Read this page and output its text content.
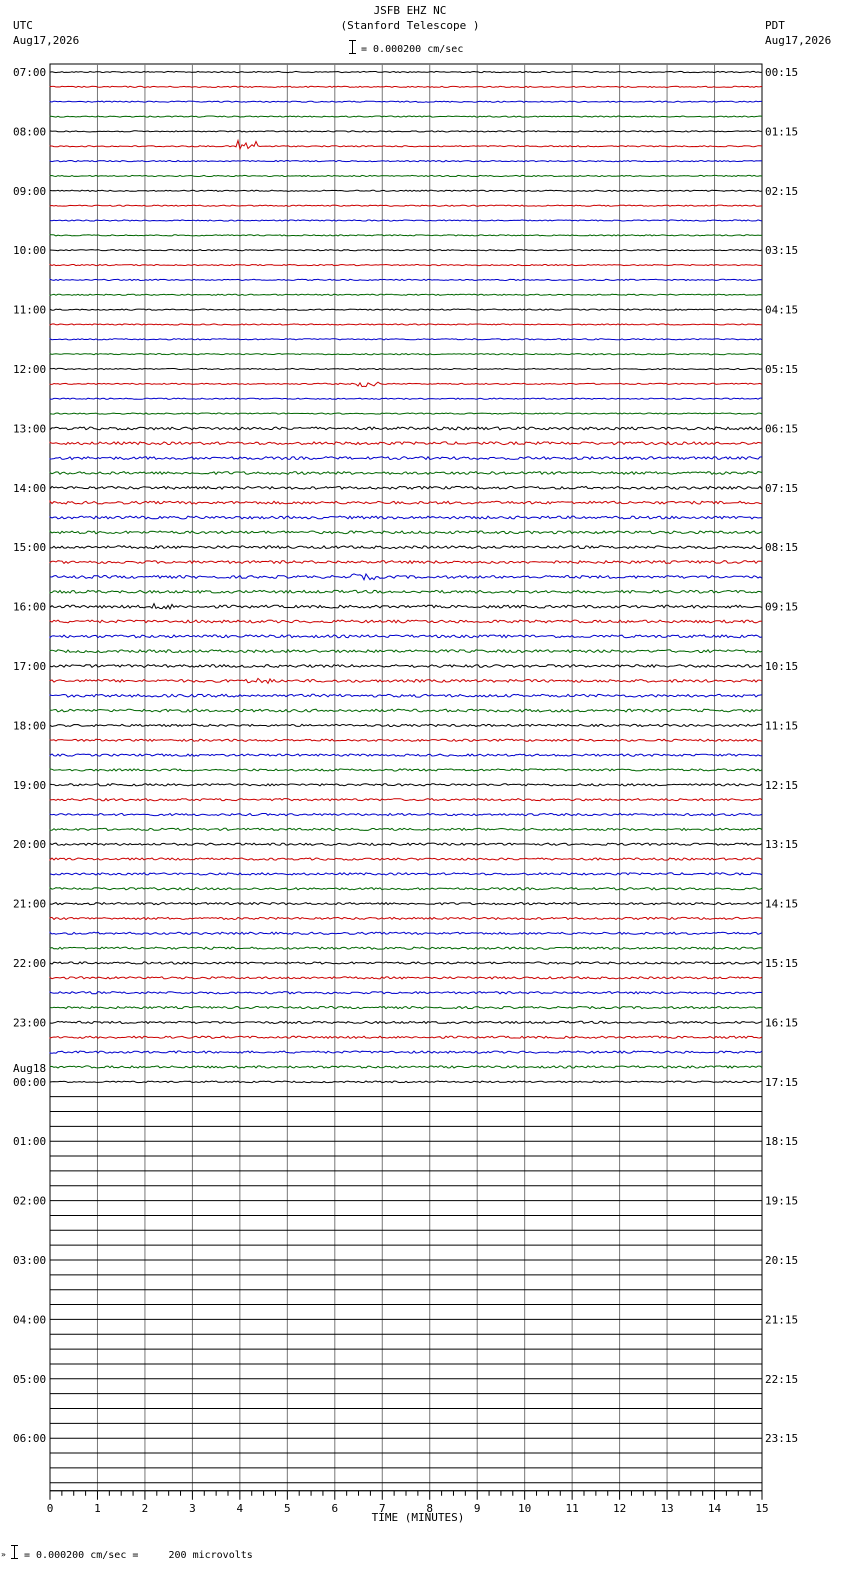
JSFB EHZ NC
(Stanford Telescope )
= 0.000200 cm/sec
UTC
Aug17,2026
PDT
Aug17,2026
07:00
08:00
09:00
10:00
11:00
12:00
13:00
14:00
15:00
16:00
17:00
18:00
19:00
20:00
21:00
22:00
23:00
00:00
01:00
02:00
03:00
04:00
05:00
06:00
00:15
01:15
02:15
03:15
04:15
05:15
06:15
07:15
08:15
09:15
10:15
11:15
12:15
13:15
14:15
15:15
16:15
17:15
18:15
19:15
20:15
21:15
22:15
23:15
Aug18
0	1	2	3	4	5	6	7	8	9	10	11	12	13	14	15
TIME (MINUTES)
» = 0.000200 cm/sec =     200 microvolts
